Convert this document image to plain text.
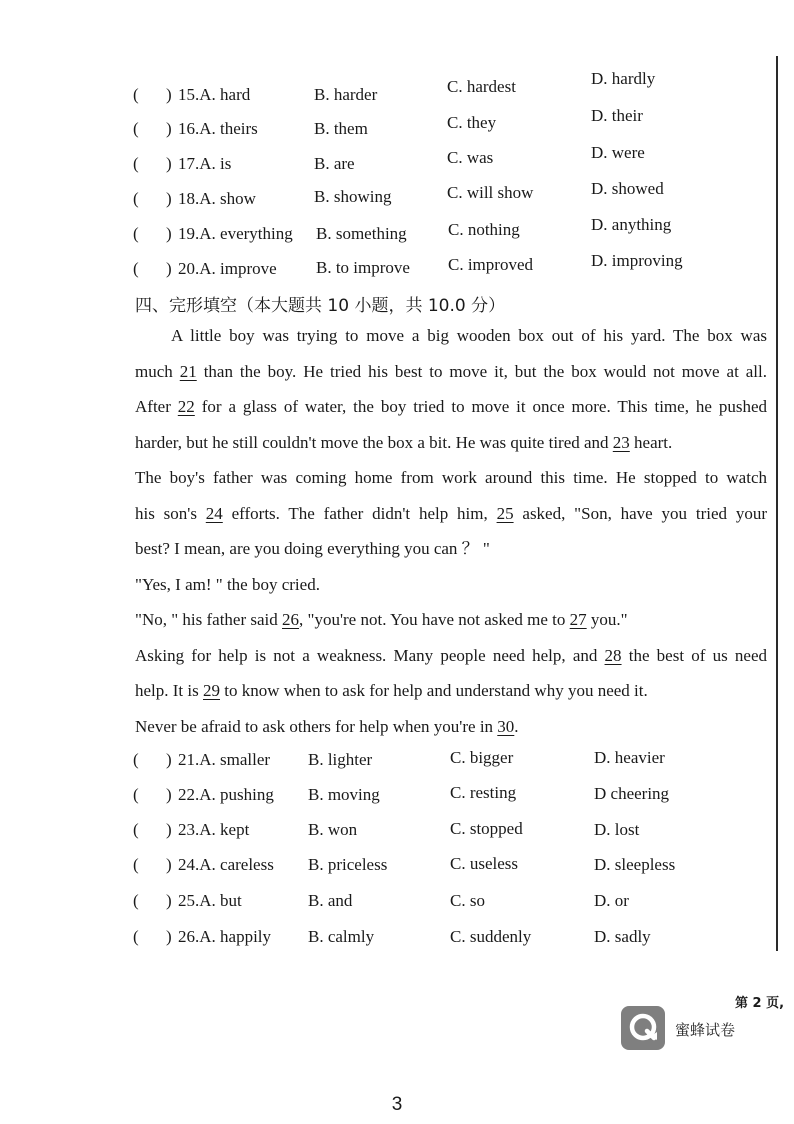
( ) 15.A. hard	B. harder	C. hardest	D. hardly
( ) 16.A. theirs	B. them	C. they	D. their
( ) 17.A. is	B. are	C. was	D. were
( ) 18.A. show	B. showing	C. will show	D. showed
( ) 19.A. everything B. something C. nothing	D. anything
( ) 20.A. improve B. to improve C. improved	D. improving
四、完形填空（本大题共 10 小题，共 10.0 分）
A little boy was trying to move a big wooden box out of his yard. The box was
much 21 than the boy. He tried his best to move it, but the box would not move at all.
After 22 for a glass of water, the boy tried to move it once more. This time, he pushed
harder, but he still couldn't move the box a bit. He was quite tired and 23 heart.
The boy's father was coming home from work around this time. He stopped to watch
his son's 24 efforts. The father didn't help him, 25 asked, "Son, have you tried your
best? I mean, are you doing everything you can ？ "
"Yes, I am! " the boy cried.
"No, " his father said 26, "you're not. You have not asked me to 27 you."
Asking for help is not a weakness. Many people need help, and 28 the best of us need
help. It is 29 to know when to ask for help and understand why you need it.
Never be afraid to ask others for help when you're in 30.
( ) 21.A. smaller B. lighter	C. bigger	D. heavier
( ) 22.A. pushing B. moving	C. resting	D cheering
( ) 23.A. kept	B. won	C. stopped	D. lost
( ) 24.A. careless B. priceless	C. useless	D. sleepless
( ) 25.A. but	B. and	C. so	D. or
( ) 26.A. happily B. calmly	C. suddenly	D. sadly
第 2 页,
蜜蜂试卷
3
